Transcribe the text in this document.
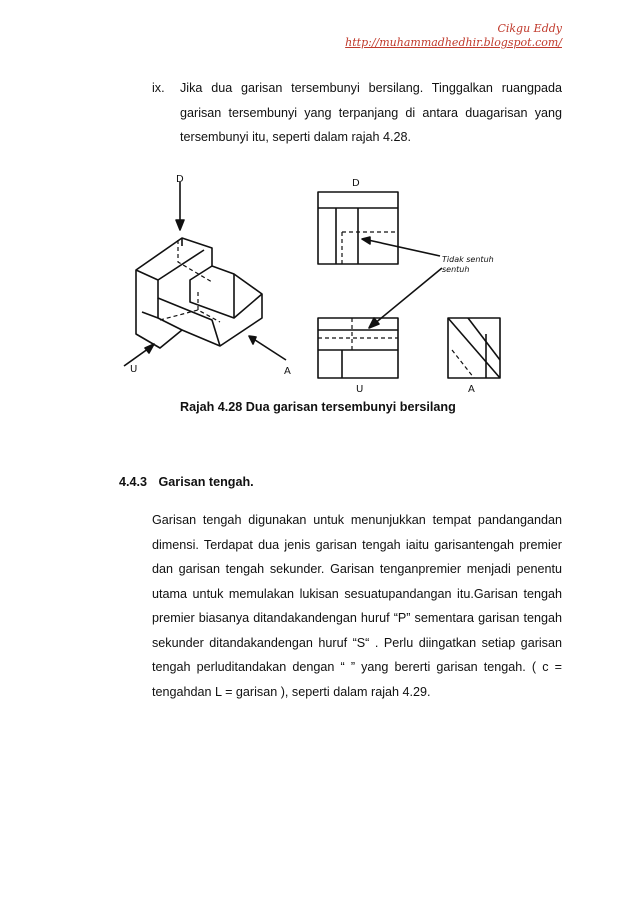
Cikgu Eddy
http://muhammadhedhir.blogspot.com/
ix. Jika dua garisan tersembunyi bersilang. Tinggalkan ruangpada garisan tersembunyi yang terpanjang di antara duagarisan yang tersembunyi itu, seperti dalam rajah 4.28.
D
U	A
D
U	A
Tidak sentuh
sentuh
Rajah 4.28 Dua garisan tersembunyi bersilang
4.4.3 Garisan tengah.
Garisan tengah digunakan untuk menunjukkan tempat pandangandan dimensi. Terdapat dua jenis garisan tengah iaitu garisantengah premier dan garisan tengah sekunder. Garisan tenganpremier menjadi penentu utama untuk memulakan lukisan sesuatupandangan itu.Garisan tengah premier biasanya ditandakandengan huruf “P” sementara garisan tengah sekunder ditandakandengan huruf “S“ . Perlu diingatkan setiap garisan tengah perluditandakan dengan “ ” yang bererti garisan tengah. ( c = tengahdan L = garisan ), seperti dalam rajah 4.29.
